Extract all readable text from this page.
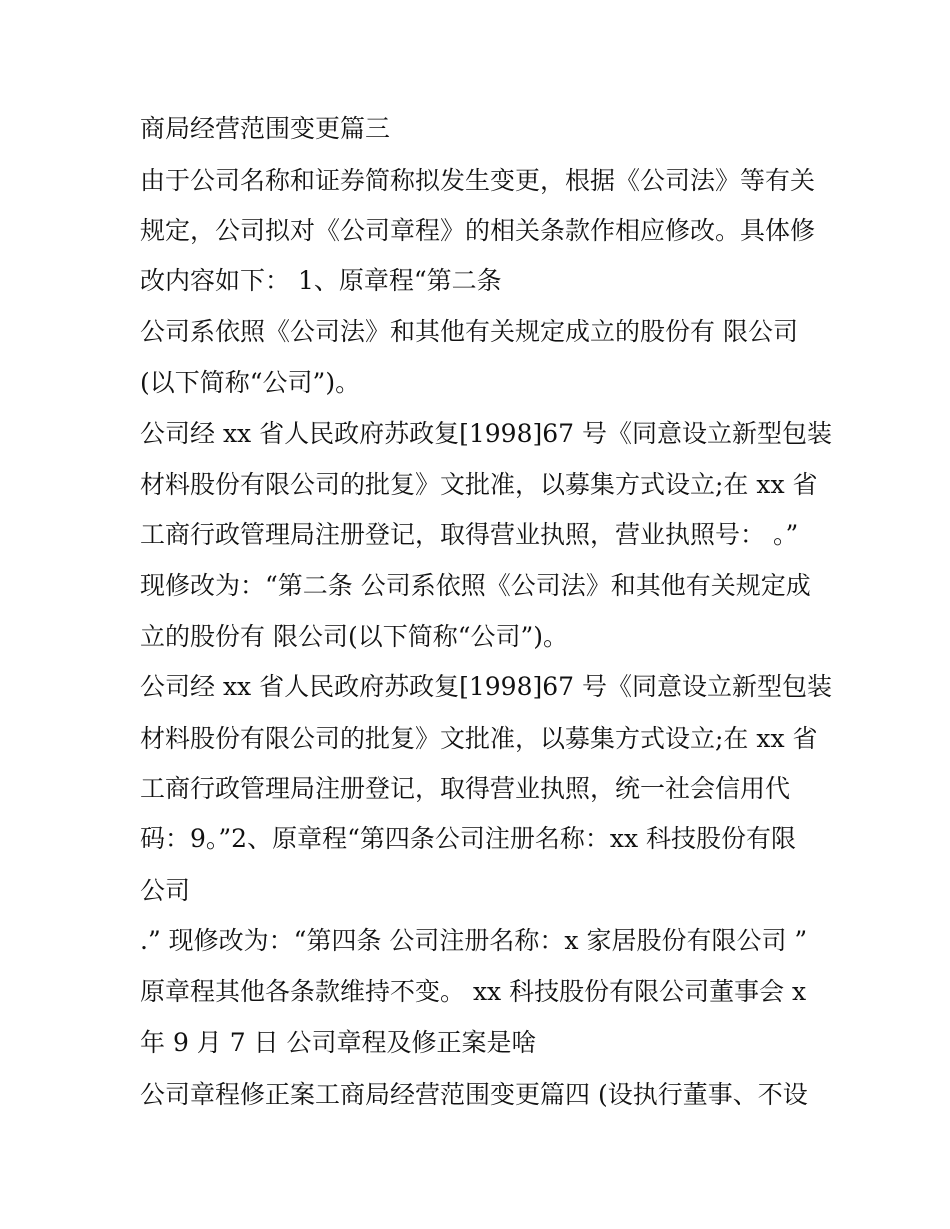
商局经营范围变更篇三
由于公司名称和证券简称拟发生变更，根据《公司法》等有关
规定，公司拟对《公司章程》的相关条款作相应修改。具体修
改内容如下： 1、原章程“第二条
公司系依照《公司法》和其他有关规定成立的股份有 限公司
(以下简称“公司”)。
公司经 xx 省人民政府苏政复[1998]67 号《同意设立新型包装
材料股份有限公司的批复》文批准，以募集方式设立;在 xx 省
工商行政管理局注册登记，取得营业执照，营业执照号： 。”
现修改为：“第二条 公司系依照《公司法》和其他有关规定成
立的股份有 限公司(以下简称“公司”)。
公司经 xx 省人民政府苏政复[1998]67 号《同意设立新型包装
材料股份有限公司的批复》文批准，以募集方式设立;在 xx 省
工商行政管理局注册登记，取得营业执照，统一社会信用代
码：9。”2、原章程“第四条公司注册名称：xx 科技股份有限
公司
.” 现修改为：“第四条 公司注册名称：x 家居股份有限公司 ”
原章程其他各条款维持不变。 xx 科技股份有限公司董事会 x
年 9 月 7 日 公司章程及修正案是啥
公司章程修正案工商局经营范围变更篇四 (设执行董事、不设
